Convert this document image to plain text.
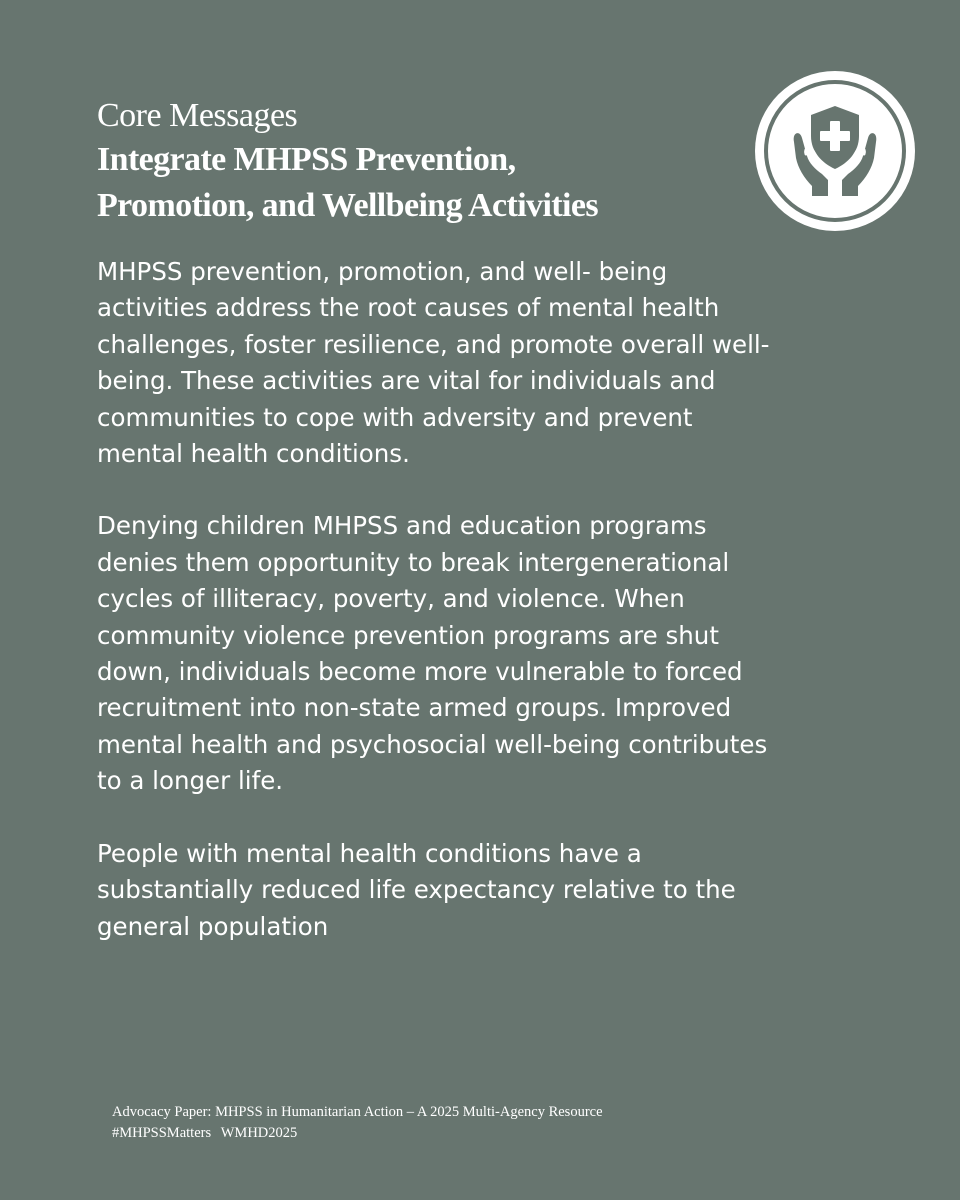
Core Messages
Integrate MHPSS Prevention,
Promotion, and Wellbeing Activities

MHPSS prevention, promotion, and well- being activities address the root causes of mental health challenges, foster resilience, and promote overall well-being. These activities are vital for individuals and communities to cope with adversity and prevent mental health conditions.

Denying children MHPSS and education programs denies them opportunity to break intergenerational cycles of illiteracy, poverty, and violence. When community violence prevention programs are shut down, individuals become more vulnerable to forced recruitment into non-state armed groups. Improved mental health and psychosocial well-being contributes to a longer life.

People with mental health conditions have a substantially reduced life expectancy relative to the general population

Advocacy Paper: MHPSS in Humanitarian Action – A 2025 Multi-Agency Resource
#MHPSSMatters WMHD2025
